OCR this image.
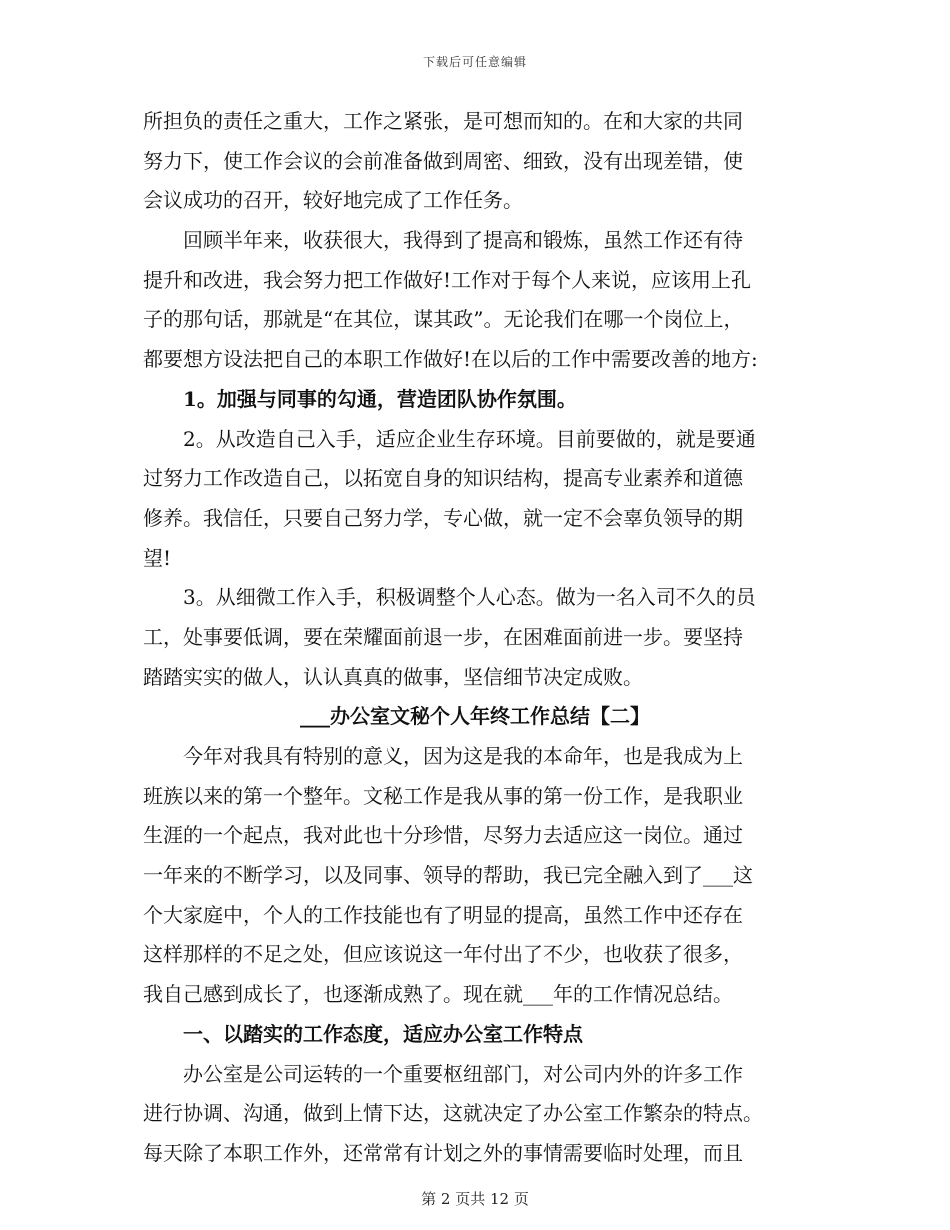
下载后可任意编辑
所担负的责任之重大，工作之紧张，是可想而知的。在和大家的共同
努力下，使工作会议的会前准备做到周密、细致，没有出现差错，使
会议成功的召开，较好地完成了工作任务。
回顾半年来，收获很大，我得到了提高和锻炼，虽然工作还有待
提升和改进，我会努力把工作做好!工作对于每个人来说，应该用上孔
子的那句话，那就是“在其位，谋其政”。无论我们在哪一个岗位上，
都要想方设法把自己的本职工作做好!在以后的工作中需要改善的地方:
1。加强与同事的勾通，营造团队协作氛围。
2。从改造自己入手，适应企业生存环境。目前要做的，就是要通
过努力工作改造自己，以拓宽自身的知识结构，提高专业素养和道德
修养。我信任，只要自己努力学，专心做，就一定不会辜负领导的期
望!
3。从细微工作入手，积极调整个人心态。做为一名入司不久的员
工，处事要低调，要在荣耀面前退一步，在困难面前进一步。要坚持
踏踏实实的做人，认认真真的做事，坚信细节决定成败。
___办公室文秘个人年终工作总结【二】
今年对我具有特别的意义，因为这是我的本命年，也是我成为上
班族以来的第一个整年。文秘工作是我从事的第一份工作，是我职业
生涯的一个起点，我对此也十分珍惜，尽努力去适应这一岗位。通过
一年来的不断学习，以及同事、领导的帮助，我已完全融入到了___这
个大家庭中，个人的工作技能也有了明显的提高，虽然工作中还存在
这样那样的不足之处，但应该说这一年付出了不少，也收获了很多，
我自己感到成长了，也逐渐成熟了。现在就___年的工作情况总结。
一、以踏实的工作态度，适应办公室工作特点
办公室是公司运转的一个重要枢纽部门，对公司内外的许多工作
进行协调、沟通，做到上情下达，这就决定了办公室工作繁杂的特点。
每天除了本职工作外，还常常有计划之外的事情需要临时处理，而且
第 2 页共 12 页
